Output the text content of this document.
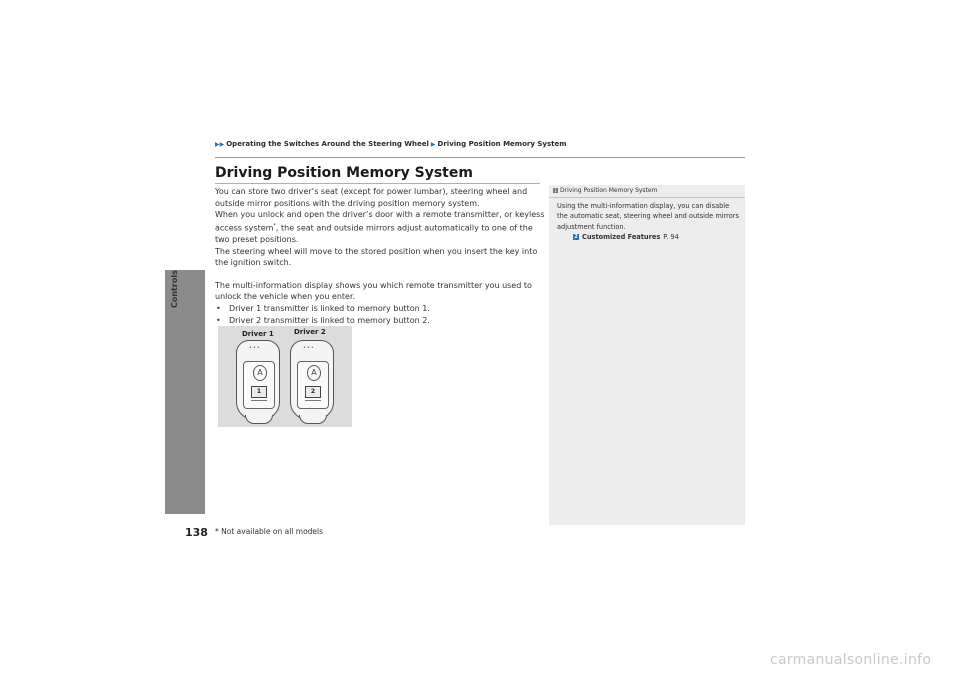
Controls
138
▶▶ Operating the Switches Around the Steering Wheel ▶ Driving Position Memory System
Driving Position Memory System

You can store two driver’s seat (except for power lumbar), steering wheel and outside mirror positions with the driving position memory system.

When you unlock and open the driver’s door with a remote transmitter, or keyless access system*, the seat and outside mirrors adjust automatically to one of the two preset positions.

The steering wheel will move to the stored position when you insert the key into the ignition switch.

The multi-information display shows you which remote transmitter you used to unlock the vehicle when you enter.

• Driver 1 transmitter is linked to memory button 1.
• Driver 2 transmitter is linked to memory button 2.
Driver 1	Driver 2
•••
A
1
•••
A
2
1 Driving Position Memory System

Using the multi-information display, you can disable the automatic seat, steering wheel and outside mirrors adjustment function.

2 Customized Features P. 94

* Not available on all models
carmanualsonline.info
